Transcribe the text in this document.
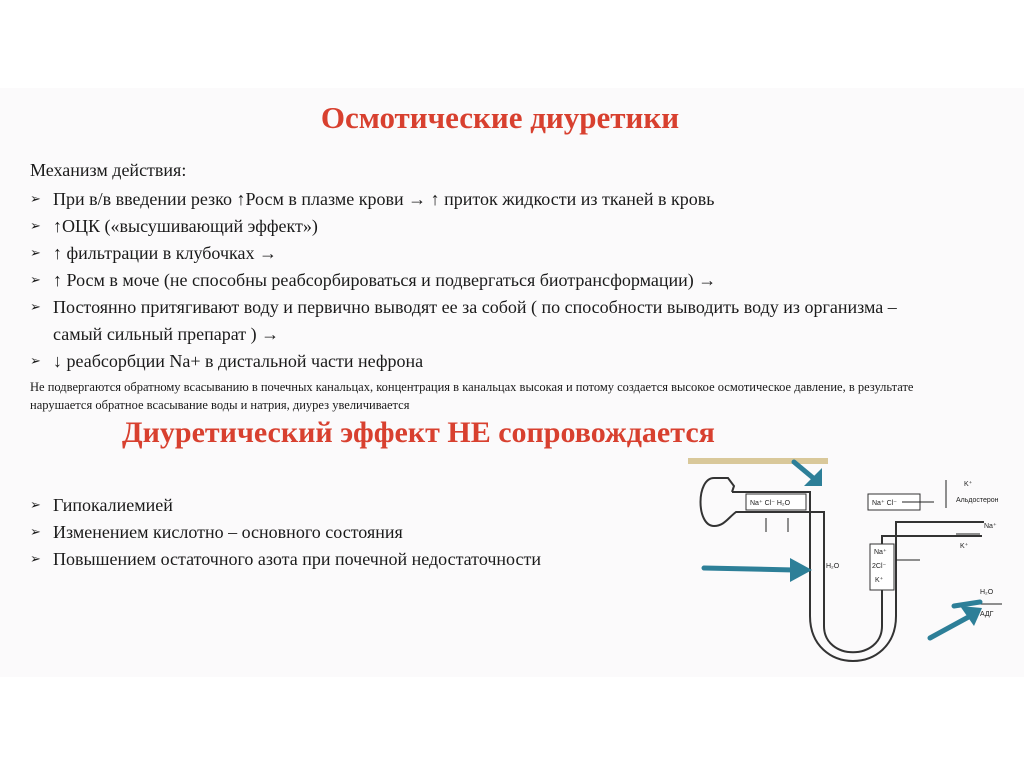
Осмотические диуретики

Механизм действия:

➢ При в/в введении резко ↑Росм в плазме крови → ↑ приток жидкости из тканей в кровь
➢ ↑ОЦК («высушивающий эффект»)
➢ ↑ фильтрации в клубочках →
➢ ↑ Росм в моче (не способны реабсорбироваться и подвергаться биотрансформации) →
➢ Постоянно притягивают воду и первично выводят ее за собой ( по способности выводить воду из организма – самый сильный препарат ) →
➢ ↓ реабсорбции Na+ в дистальной части нефрона

Не подвергаются обратному всасыванию в почечных канальцах, концентрация в канальцах высокая и потому создается высокое осмотическое давление, в результате нарушается обратное всасывание воды и натрия, диурез увеличивается

Диуретический эффект НЕ сопровождается
➢ Гипокалиемией
➢ Изменением кислотно – основного состояния
➢ Повышением остаточного азота при почечной недостаточности
Na⁺ Cl⁻ H₂O	Na⁺ Cl⁻
Na⁺
2Cl⁻
K⁺
K⁺
Альдостерон
Na⁺
K⁺
H₂O
H₂O
АДГ
